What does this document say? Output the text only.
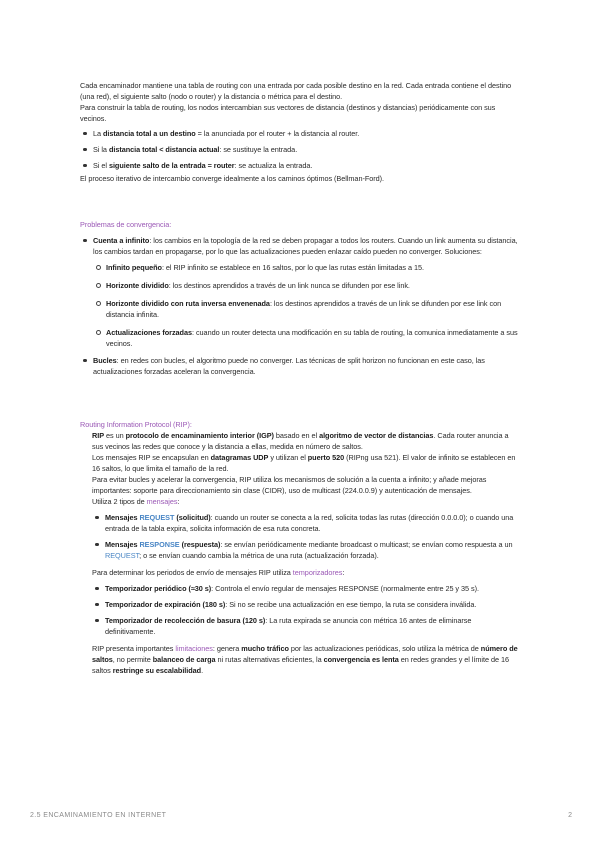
Cada encaminador mantiene una tabla de routing con una entrada por cada posible destino en la red. Cada entrada contiene el destino (una red), el siguiente salto (nodo o router) y la distancia o métrica para el destino.

Para construir la tabla de routing, los nodos intercambian sus vectores de distancia (destinos y distancias) periódicamente con sus vecinos.

La distancia total a un destino = la anunciada por el router + la distancia al router.

Si la distancia total < distancia actual: se sustituye la entrada.

Si el siguiente salto de la entrada = router: se actualiza la entrada.

El proceso iterativo de intercambio converge idealmente a los caminos óptimos (Bellman-Ford).

Problemas de convergencia:

Cuenta a infinito: los cambios en la topología de la red se deben propagar a todos los routers. Cuando un link aumenta su distancia, los cambios tardan en propagarse, por lo que las actualizaciones pueden enlazar caído pueden no converger. Soluciones:

Infinito pequeño: el RIP infinito se establece en 16 saltos, por lo que las rutas están limitadas a 15.

Horizonte dividido: los destinos aprendidos a través de un link nunca se difunden por ese link.

Horizonte dividido con ruta inversa envenenada: los destinos aprendidos a través de un link se difunden por ese link con distancia infinita.

Actualizaciones forzadas: cuando un router detecta una modificación en su tabla de routing, la comunica inmediatamente a sus vecinos.

Bucles: en redes con bucles, el algoritmo puede no converger. Las técnicas de split horizon no funcionan en este caso, las actualizaciones forzadas aceleran la convergencia.

Routing Information Protocol (RIP):

RIP es un protocolo de encaminamiento interior (IGP) basado en el algoritmo de vector de distancias. Cada router anuncia a sus vecinos las redes que conoce y la distancia a ellas, medida en número de saltos.

Los mensajes RIP se encapsulan en datagramas UDP y utilizan el puerto 520 (RIPng usa 521). El valor de infinito se establecen en 16 saltos, lo que limita el tamaño de la red.

Para evitar bucles y acelerar la convergencia, RIP utiliza los mecanismos de solución a la cuenta a infinito; y añade mejoras importantes: soporte para direccionamiento sin clase (CIDR), uso de multicast (224.0.0.9) y autenticación de mensajes.

Utiliza 2 tipos de mensajes:

Mensajes REQUEST (solicitud): cuando un router se conecta a la red, solicita todas las rutas (dirección 0.0.0.0); o cuando una entrada de la tabla expira, solicita información de esa ruta concreta.

Mensajes RESPONSE (respuesta): se envían periódicamente mediante broadcast o multicast; se envían como respuesta a un REQUEST; o se envían cuando cambia la métrica de una ruta (actualización forzada).

Para determinar los periodos de envío de mensajes RIP utiliza temporizadores:

Temporizador periódico (≈30 s): Controla el envío regular de mensajes RESPONSE (normalmente entre 25 y 35 s).

Temporizador de expiración (180 s): Si no se recibe una actualización en ese tiempo, la ruta se considera inválida.

Temporizador de recolección de basura (120 s): La ruta expirada se anuncia con métrica 16 antes de eliminarse definitivamente.

RIP presenta importantes limitaciones: genera mucho tráfico por las actualizaciones periódicas, solo utiliza la métrica de número de saltos, no permite balanceo de carga ni rutas alternativas eficientes, la convergencia es lenta en redes grandes y el límite de 16 saltos restringe su escalabilidad.

2.5 ENCAMINAMIENTO EN INTERNET	2
